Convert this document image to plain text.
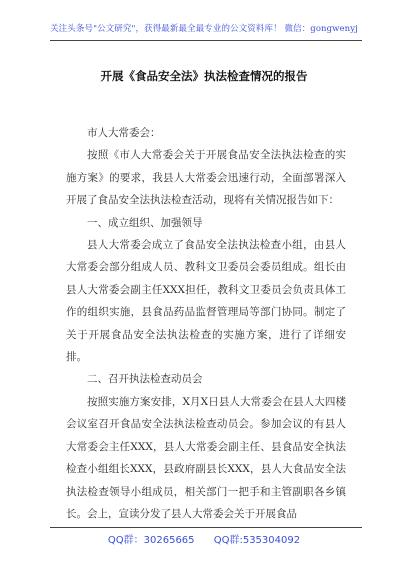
关注头条号"公文研究"，获得最新最全最专业的公文资料库！ 微信：gongwenyj
开展《食品安全法》执法检查情况的报告

市人大常委会：

按照《市人大常委会关于开展食品安全法执法检查的实施方案》的要求，我县人大常委会迅速行动，全面部署深入开展了食品安全法执法检查活动，现将有关情况报告如下：

一、成立组织、加强领导

县人大常委会成立了食品安全法执法检查小组，由县人大常委会部分组成人员、教科文卫委员会委员组成。组长由县人大常委会副主任XXX担任，教科文卫委员会负责具体工作的组织实施，县食品药品监督管理局等部门协同。制定了关于开展食品安全法执法检查的实施方案，进行了详细安排。

二、召开执法检查动员会

按照实施方案安排，X月X日县人大常委会在县人大四楼会议室召开食品安全法执法检查动员会。参加会议的有县人大常委会主任XXX，县人大常委会副主任、县食品安全执法检查小组组长XXX，县政府副县长XXX，县人大食品安全法执法检查领导小组成员，相关部门一把手和主管副职各乡镇长。会上，宣读分发了县人大常委会关于开展食品

QQ群：30265665 QQ群:535304092
